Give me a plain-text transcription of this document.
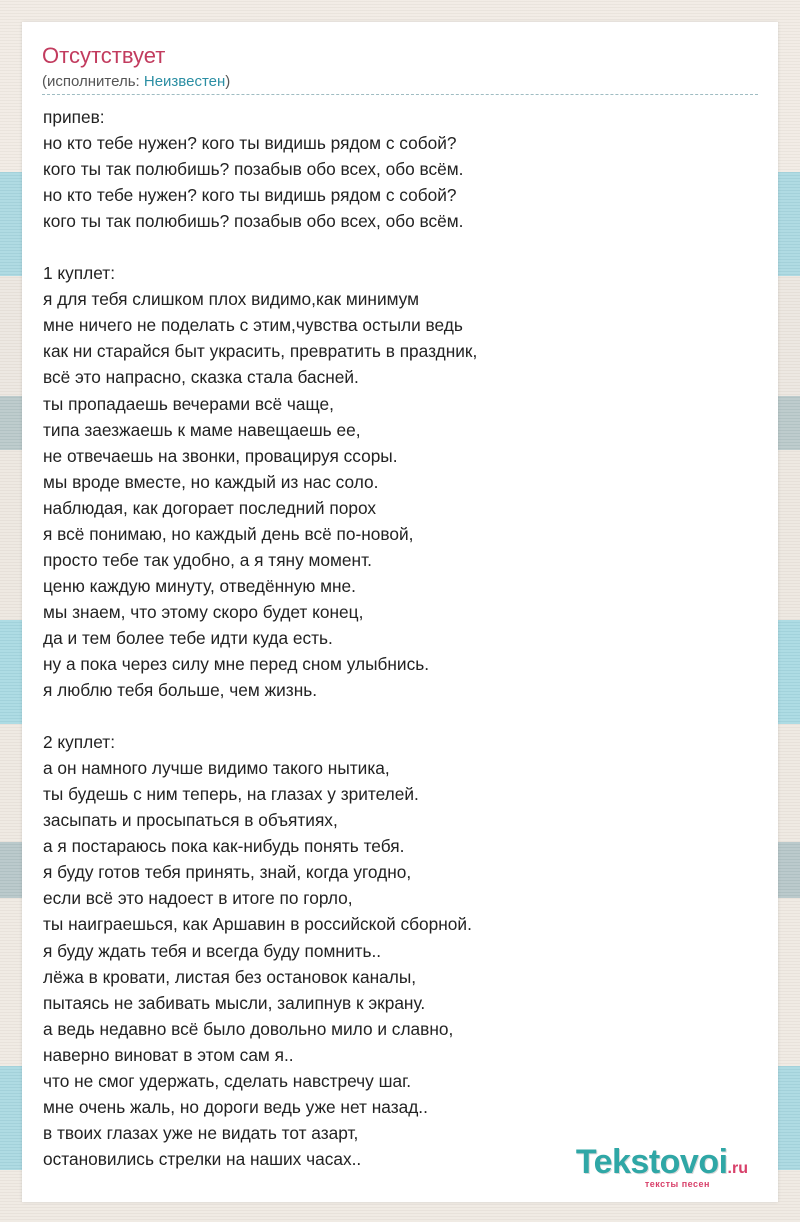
Отсутствует
(исполнитель: Неизвестен)
припев:
но кто тебе нужен? кого ты видишь рядом с собой?
кого ты так полюбишь? позабыв обо всех, обо всём.
но кто тебе нужен? кого ты видишь рядом с собой?
кого ты так полюбишь? позабыв обо всех, обо всём.
1 куплет:
я для тебя слишком плох видимо,как минимум
мне ничего не поделать с этим,чувства остыли ведь
как ни старайся быт украсить, превратить в праздник,
всё это напрасно, сказка стала басней.
ты пропадаешь вечерами всё чаще,
типа заезжаешь к маме навещаешь ее,
не отвечаешь на звонки, провацируя ссоры.
мы вроде вместе, но каждый из нас соло.
наблюдая, как догорает последний порох
я всё понимаю, но каждый день всё по-новой,
просто тебе так удобно, а я тяну момент.
ценю каждую минуту, отведённую мне.
мы знаем, что этому скоро будет конец,
да и тем более тебе идти куда есть.
ну а пока через силу мне перед сном улыбнись.
я люблю тебя больше, чем жизнь.
2 куплет:
а он намного лучше видимо такого нытика,
ты будешь с ним теперь, на глазах у зрителей.
засыпать и просыпаться в объятиях,
а я постараюсь пока как-нибудь понять тебя.
я буду готов тебя принять, знай, когда угодно,
если всё это надоест в итоге по горло,
ты наиграешься, как Аршавин в российской сборной.
я буду ждать тебя и всегда буду помнить..
лёжа в кровати, листая без остановок каналы,
пытаясь не забивать мысли, залипнув к экрану.
а ведь недавно всё было довольно мило и славно,
наверно виноват в этом сам я..
что не смог удержать, сделать навстречу шаг.
мне очень жаль, но дороги ведь уже нет назад..
в твоих глазах уже не видать тот азарт,
остановились стрелки на наших часах..	Tekstovoi.ru
тексты песен
